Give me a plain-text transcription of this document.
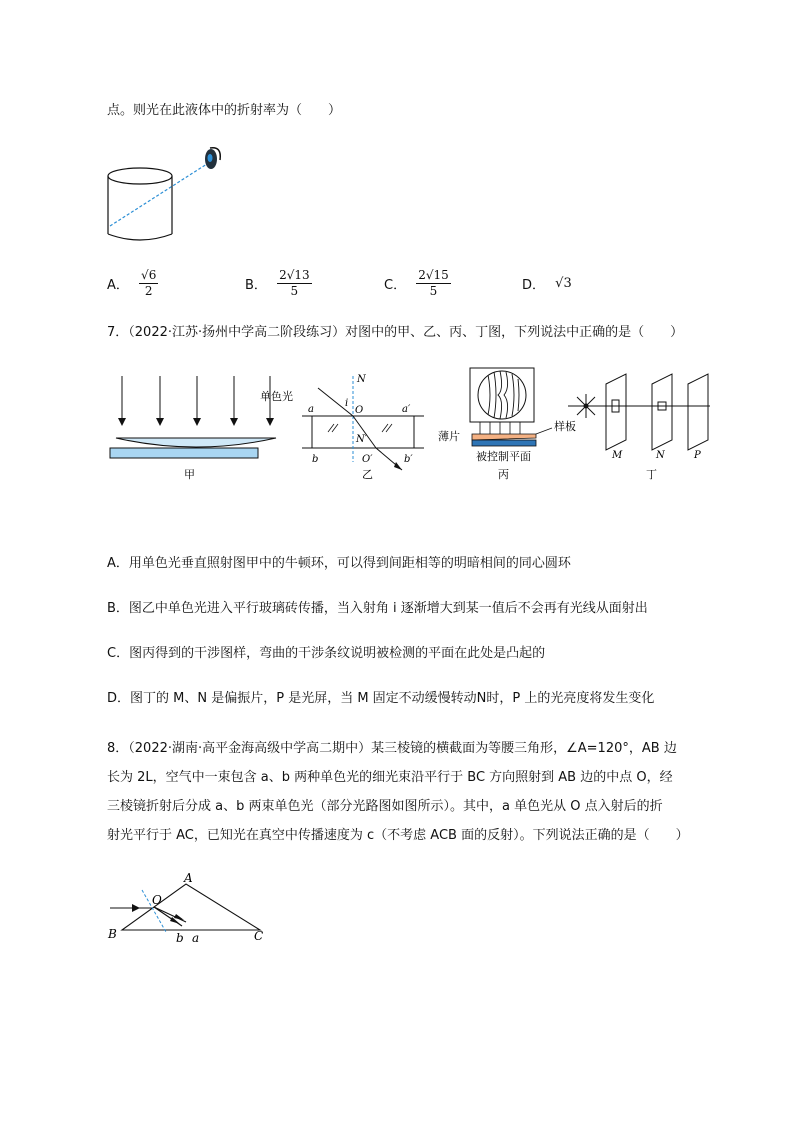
点。则光在此液体中的折射率为（　　）
A． $\frac{√6}{2}$	B． $\frac{2√13}{5}$	C． $\frac{2√15}{5}$	D． √3
7．（2022·江苏·扬州中学高二阶段练习）对图中的甲、乙、丙、丁图，下列说法中正确的是（　　）
甲
单色光
N
i
O
a	a′
N′
b	O′	b′
乙
样板
薄片
被控制平面
丙
M	N	P
丁
A．用单色光垂直照射图甲中的牛顿环，可以得到间距相等的明暗相间的同心圆环
B．图乙中单色光进入平行玻璃砖传播，当入射角 i 逐渐增大到某一值后不会再有光线从面射出
C．图丙得到的干涉图样，弯曲的干涉条纹说明被检测的平面在此处是凸起的
D．图丁的 M、N 是偏振片，P 是光屏，当 M 固定不动缓慢转动N时，P 上的光亮度将发生变化
8．（2022·湖南·高平金海高级中学高二期中）某三棱镜的横截面为等腰三角形，∠A=120°，AB 边
长为 2L，空气中一束包含 a、b 两种单色光的细光束沿平行于 BC 方向照射到 AB 边的中点 O，经
三棱镜折射后分成 a、b 两束单色光（部分光路图如图所示）。其中，a 单色光从 O 点入射后的折
射光平行于 AC，已知光在真空中传播速度为 c（不考虑 ACB 面的反射）。下列说法正确的是（　　）
A
B	C
O
b a
